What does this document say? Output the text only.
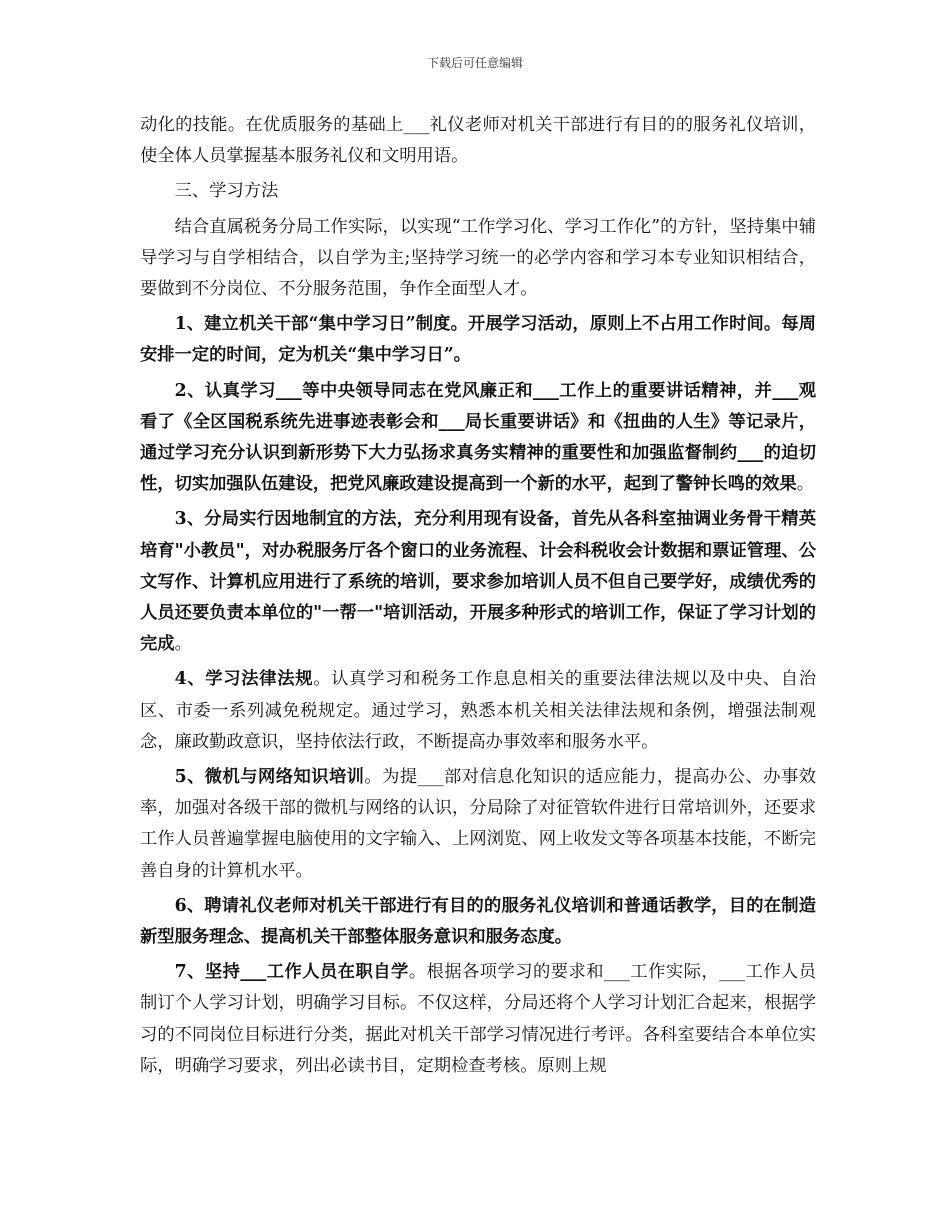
下载后可任意编辑

动化的技能。在优质服务的基础上___礼仪老师对机关干部进行有目的的服务礼仪培训，使全体人员掌握基本服务礼仪和文明用语。

三、学习方法

结合直属税务分局工作实际，以实现“工作学习化、学习工作化”的方针，坚持集中辅导学习与自学相结合，以自学为主;坚持学习统一的必学内容和学习本专业知识相结合，要做到不分岗位、不分服务范围，争作全面型人才。

1、建立机关干部“集中学习日”制度。开展学习活动，原则上不占用工作时间。每周安排一定的时间，定为机关“集中学习日”。

2、认真学习___等中央领导同志在党风廉正和___工作上的重要讲话精神，并___观看了《全区国税系统先进事迹表彰会和___局长重要讲话》和《扭曲的人生》等记录片，通过学习充分认识到新形势下大力弘扬求真务实精神的重要性和加强监督制约___的迫切性，切实加强队伍建设，把党风廉政建设提高到一个新的水平，起到了警钟长鸣的效果。

3、分局实行因地制宜的方法，充分利用现有设备，首先从各科室抽调业务骨干精英培育"小教员"，对办税服务厅各个窗口的业务流程、计会科税收会计数据和票证管理、公文写作、计算机应用进行了系统的培训，要求参加培训人员不但自己要学好，成绩优秀的人员还要负责本单位的"一帮一"培训活动，开展多种形式的培训工作，保证了学习计划的完成。

4、学习法律法规。认真学习和税务工作息息相关的重要法律法规以及中央、自治区、市委一系列减免税规定。通过学习，熟悉本机关相关法律法规和条例，增强法制观念，廉政勤政意识，坚持依法行政，不断提高办事效率和服务水平。

5、微机与网络知识培训。为提___部对信息化知识的适应能力，提高办公、办事效率，加强对各级干部的微机与网络的认识，分局除了对征管软件进行日常培训外，还要求工作人员普遍掌握电脑使用的文字输入、上网浏览、网上收发文等各项基本技能，不断完善自身的计算机水平。

6、聘请礼仪老师对机关干部进行有目的的服务礼仪培训和普通话教学，目的在制造新型服务理念、提高机关干部整体服务意识和服务态度。

7、坚持___工作人员在职自学。根据各项学习的要求和___工作实际，___工作人员制订个人学习计划，明确学习目标。不仅这样，分局还将个人学习计划汇合起来，根据学习的不同岗位目标进行分类，据此对机关干部学习情况进行考评。各科室要结合本单位实际，明确学习要求，列出必读书目，定期检查考核。原则上规
